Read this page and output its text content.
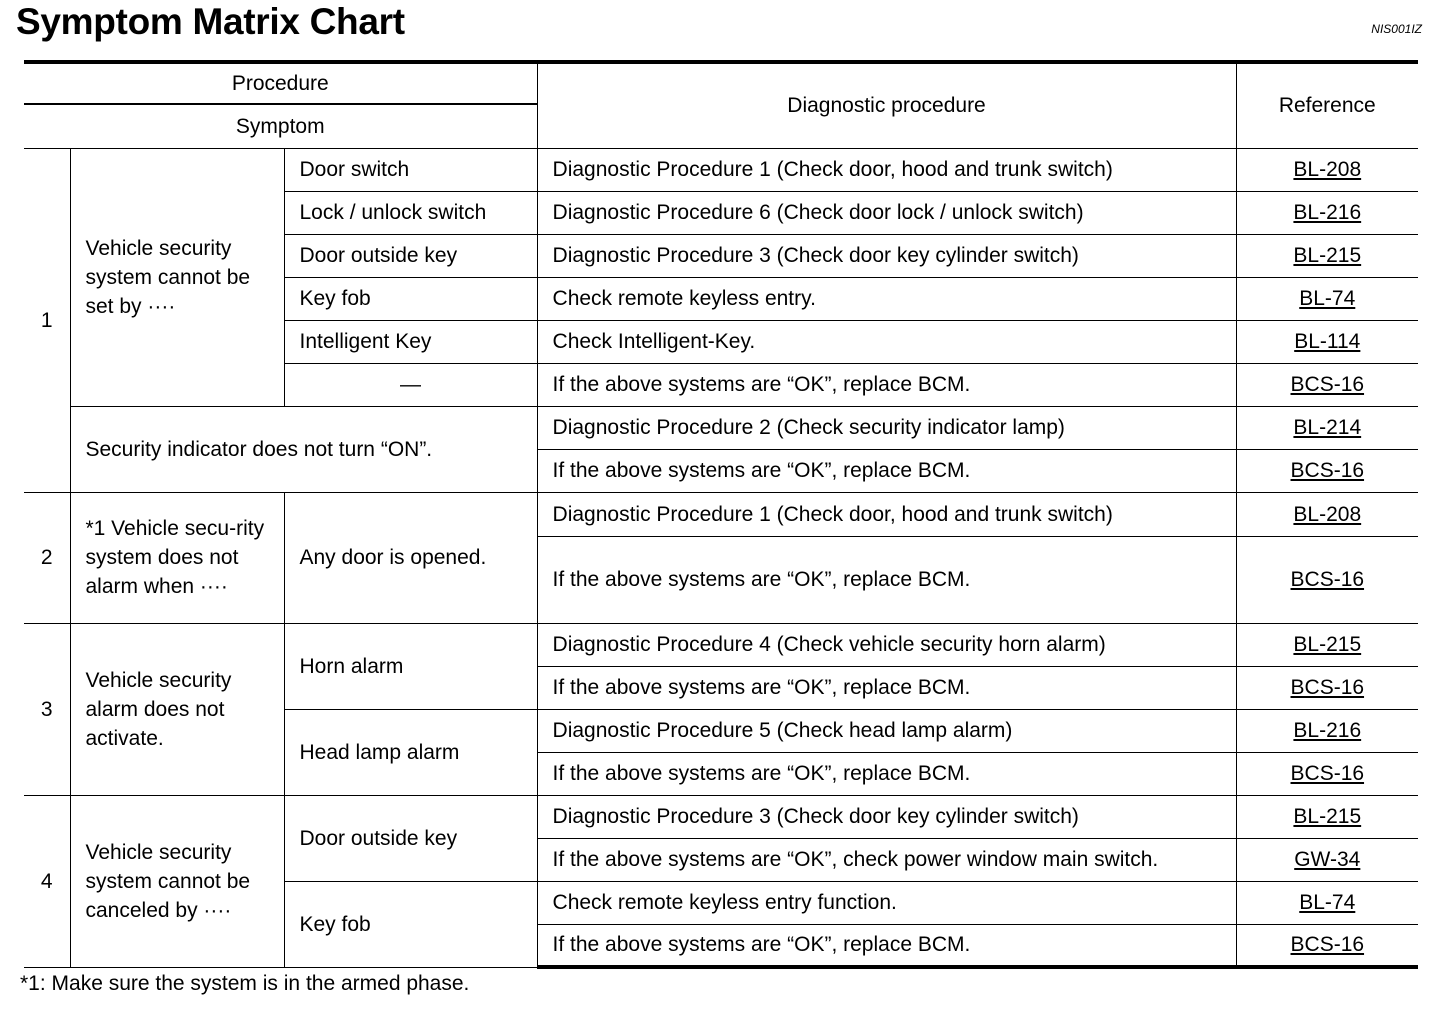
Symptom Matrix Chart	NIS001IZ
Procedure			Diagnostic procedure	Reference
Symptom				
1	Vehicle security system cannot be set by ····	Door switch	Diagnostic Procedure 1 (Check door, hood and trunk switch)	BL-208
		Lock / unlock switch	Diagnostic Procedure 6 (Check door lock / unlock switch)	BL-216
		Door outside key	Diagnostic Procedure 3 (Check door key cylinder switch)	BL-215
		Key fob	Check remote keyless entry.	BL-74
		Intelligent Key	Check Intelligent-Key.	BL-114
		—	If the above systems are “OK”, replace BCM.	BCS-16
	Security indicator does not turn “ON”.		Diagnostic Procedure 2 (Check security indicator lamp)	BL-214
			If the above systems are “OK”, replace BCM.	BCS-16
2	*1 Vehicle secu-rity system does not alarm when ····	Any door is opened.	Diagnostic Procedure 1 (Check door, hood and trunk switch)	BL-208
			If the above systems are “OK”, replace BCM.	BCS-16
3	Vehicle security alarm does not activate.	Horn alarm	Diagnostic Procedure 4 (Check vehicle security horn alarm)	BL-215
			If the above systems are “OK”, replace BCM.	BCS-16
		Head lamp alarm	Diagnostic Procedure 5 (Check head lamp alarm)	BL-216
			If the above systems are “OK”, replace BCM.	BCS-16
4	Vehicle security system cannot be canceled by ····	Door outside key	Diagnostic Procedure 3 (Check door key cylinder switch)	BL-215
			If the above systems are “OK”, check power window main switch.	GW-34
		Key fob	Check remote keyless entry function.	BL-74
			If the above systems are “OK”, replace BCM.	BCS-16
*1: Make sure the system is in the armed phase.
